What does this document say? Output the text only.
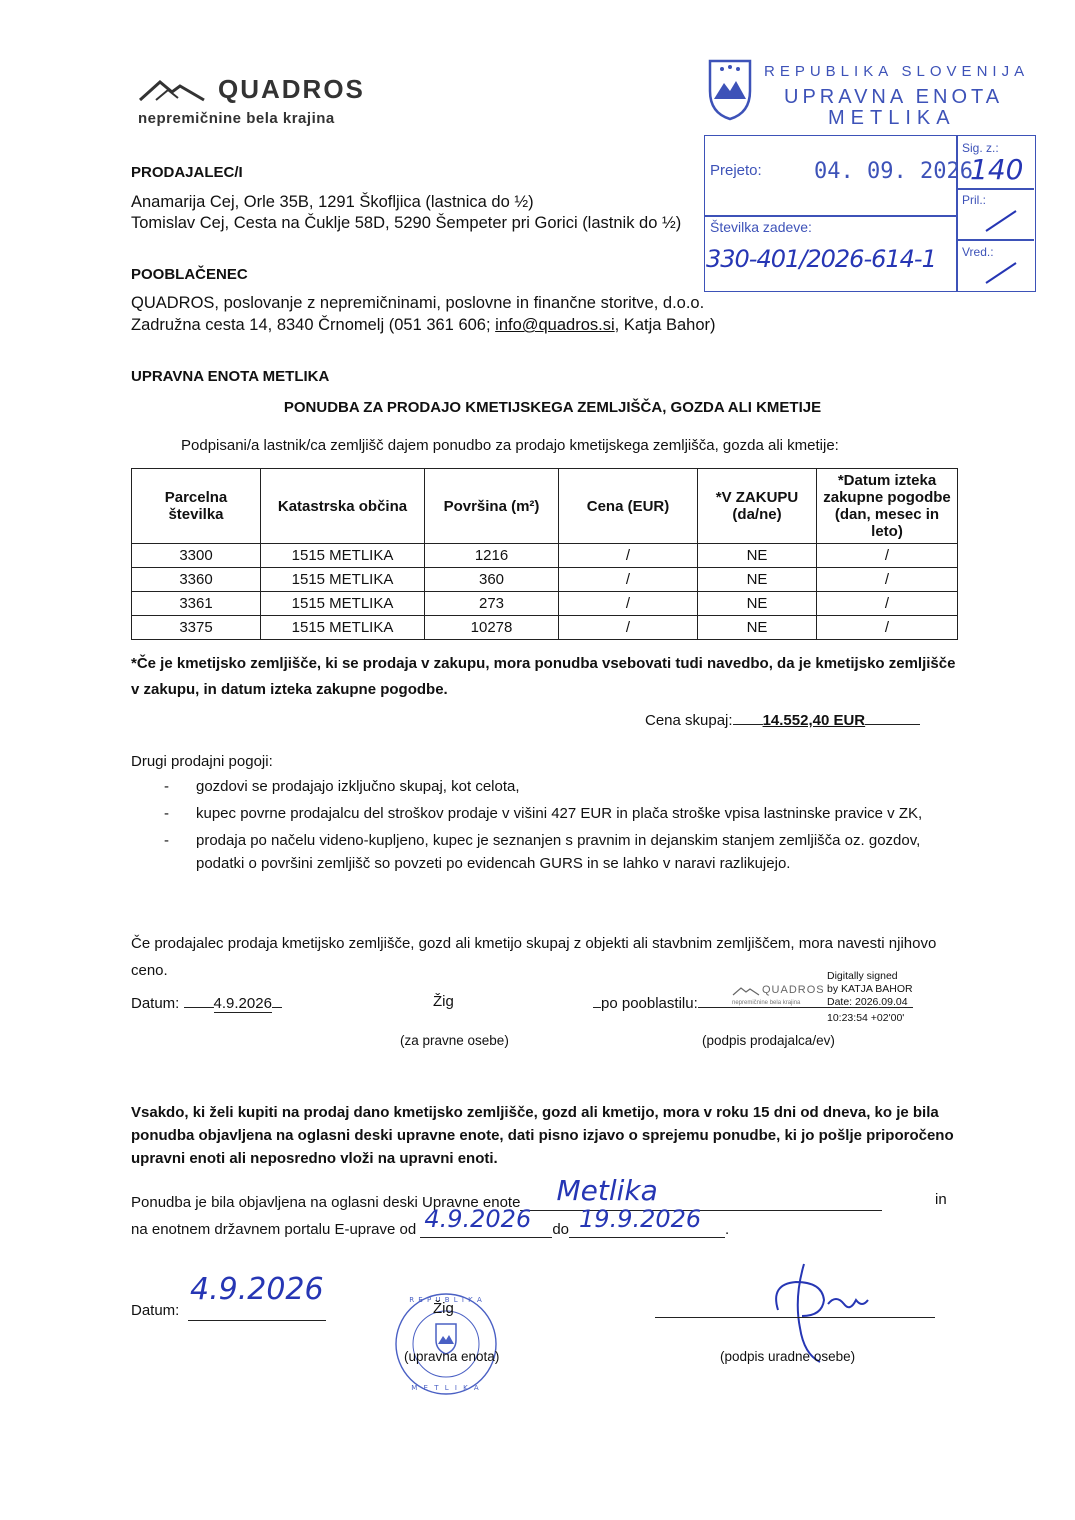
QUADROS
nepremičnine bela krajina
REPUBLIKA SLOVENIJA
UPRAVNA ENOTA
METLIKA
Prejeto: 04. 09. 2026
Sig. z.:
140
Številka zadeve:
330-401/2026-614-1
Pril.:
Vred.:
PRODAJALEC/I
Anamarija Cej, Orle 35B, 1291 Škofljica (lastnica do ½)
Tomislav Cej, Cesta na Čuklje 58D, 5290 Šempeter pri Gorici (lastnik do ½)
POOBLAČENEC
QUADROS, poslovanje z nepremičninami, poslovne in finančne storitve, d.o.o.
Zadružna cesta 14, 8340 Črnomelj (051 361 606; info@quadros.si, Katja Bahor)
UPRAVNA ENOTA METLIKA
PONUDBA ZA PRODAJO KMETIJSKEGA ZEMLJIŠČA, GOZDA ALI KMETIJE
Podpisani/a lastnik/ca zemljišč dajem ponudbo za prodajo kmetijskega zemljišča, gozda ali kmetije:
Parcelna številka	Katastrska občina	Površina (m²)	Cena (EUR)	*V ZAKUPU (da/ne)	*Datum izteka zakupne pogodbe (dan, mesec in leto)
3300	1515 METLIKA	1216	/	NE	/
3360	1515 METLIKA	360	/	NE	/
3361	1515 METLIKA	273	/	NE	/
3375	1515 METLIKA	10278	/	NE	/
*Če je kmetijsko zemljišče, ki se prodaja v zakupu, mora ponudba vsebovati tudi navedbo, da je kmetijsko zemljišče v zakupu, in datum izteka zakupne pogodbe.
Cena skupaj: 14.552,40 EUR
Drugi prodajni pogoji:
- gozdovi se prodajajo izključno skupaj, kot celota,
- kupec povrne prodajalcu del stroškov prodaje v višini 427 EUR in plača stroške vpisa lastninske pravice v ZK,
- prodaja po načelu videno-kupljeno, kupec je seznanjen s pravnim in dejanskim stanjem zemljišča oz. gozdov, podatki o površini zemljišč so povzeti po evidencah GURS in se lahko v naravi razlikujejo.
Če prodajalec prodaja kmetijsko zemljišče, gozd ali kmetijo skupaj z objekti ali stavbnim zemljiščem, mora navesti njihovo ceno.
Datum: 4.9.2026	Žig
(za pravne osebe)
po pooblastilu:
QUADROS
nepremičnine bela krajina
Digitally signed
by KATJA BAHOR
Date: 2026.09.04
10:23:54 +02'00'
(podpis prodajalca/ev)
Vsakdo, ki želi kupiti na prodaj dano kmetijsko zemljišče, gozd ali kmetijo, mora v roku 15 dni od dneva, ko je bila ponudba objavljena na oglasni deski upravne enote, dati pisno izjavo o sprejemu ponudbe, ki jo pošlje priporočeno upravni enoti ali neposredno vloži na upravni enoti.
Ponudba je bila objavljena na oglasni deski Upravne enote Metlika	in
na enotnem državnem portalu E-uprave od 4.9.2026 do 19.9.2026 .
Datum:
4.9.2026	R E P U B L I K A
M E T L I K A
Žig
(upravna enota)	(podpis uradne osebe)
